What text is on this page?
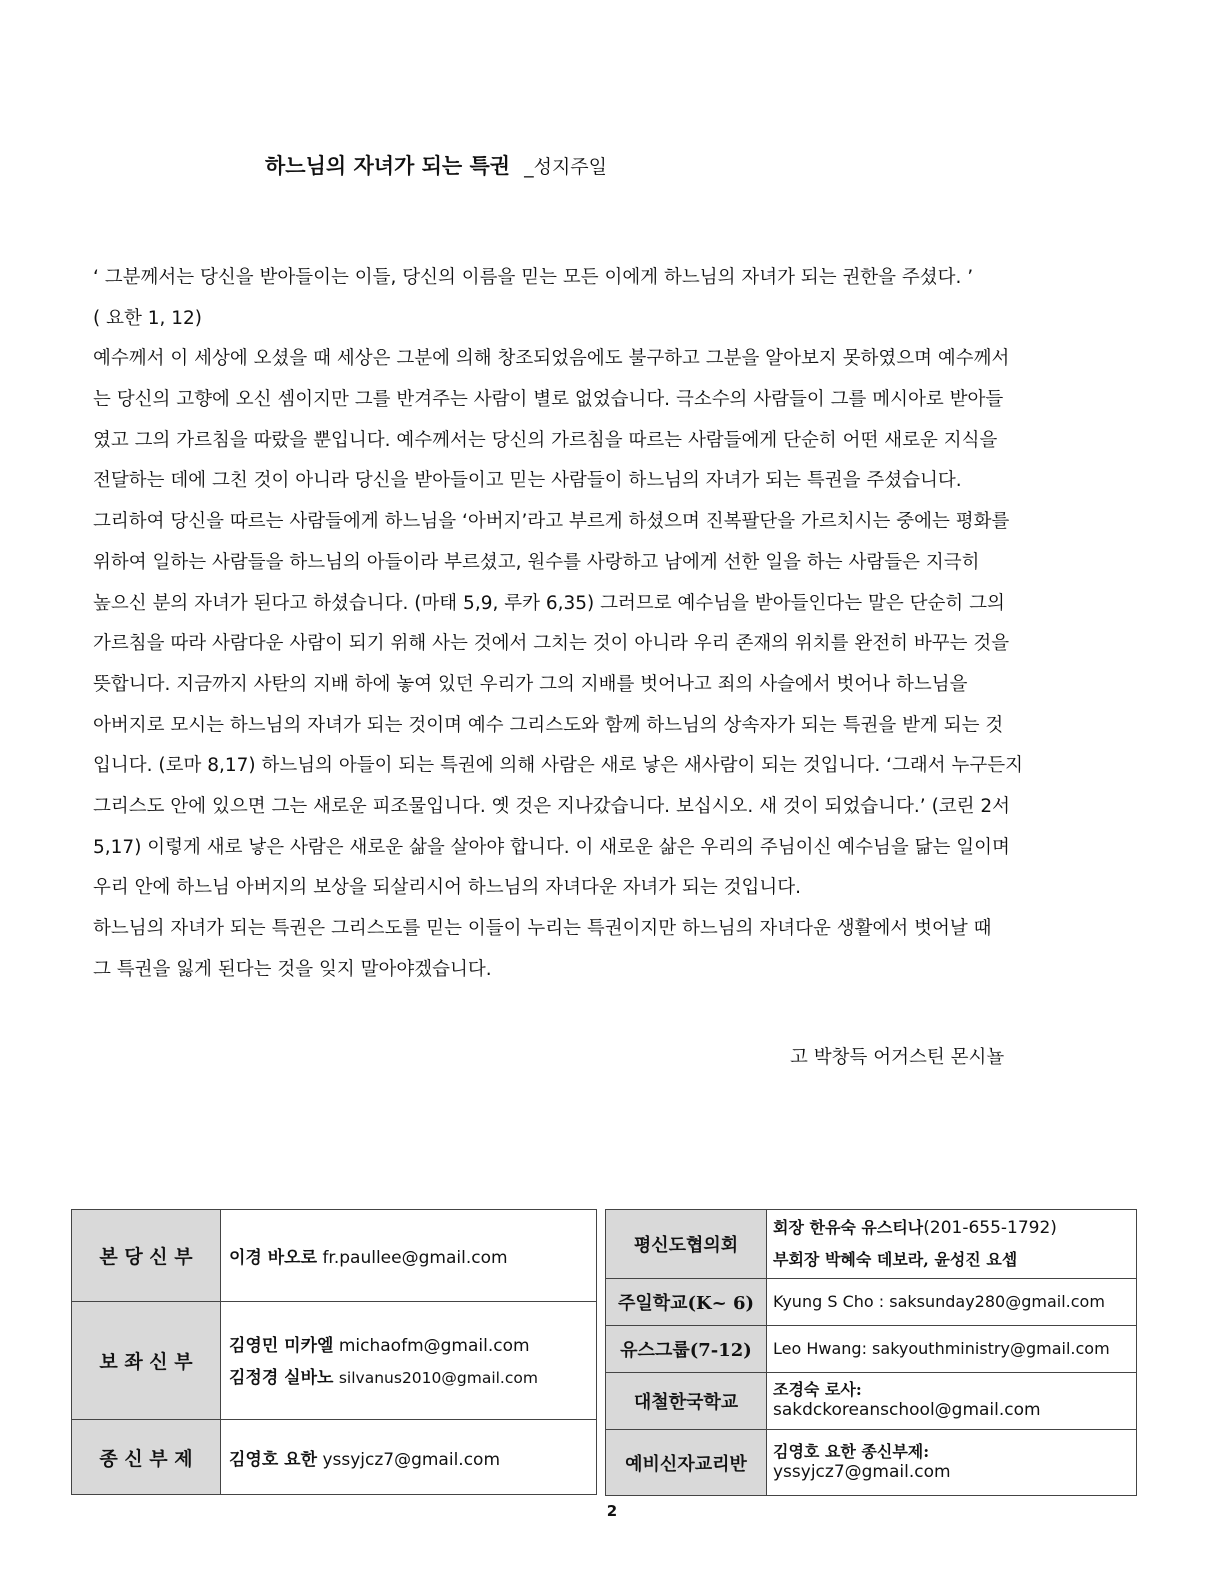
하느님의 자녀가 되는 특권 _성지주일
‘ 그분께서는 당신을 받아들이는 이들, 당신의 이름을 믿는 모든 이에게 하느님의 자녀가 되는 권한을 주셨다. ’
( 요한 1, 12)
예수께서 이 세상에 오셨을 때 세상은 그분에 의해 창조되었음에도 불구하고 그분을 알아보지 못하였으며 예수께서
는 당신의 고향에 오신 셈이지만 그를 반겨주는 사람이 별로 없었습니다. 극소수의 사람들이 그를 메시아로 받아들
였고 그의 가르침을 따랐을 뿐입니다. 예수께서는 당신의 가르침을 따르는 사람들에게 단순히 어떤 새로운 지식을
전달하는 데에 그친 것이 아니라 당신을 받아들이고 믿는 사람들이 하느님의 자녀가 되는 특권을 주셨습니다.
그리하여 당신을 따르는 사람들에게 하느님을 ‘아버지’라고 부르게 하셨으며 진복팔단을 가르치시는 중에는 평화를
위하여 일하는 사람들을 하느님의 아들이라 부르셨고, 원수를 사랑하고 남에게 선한 일을 하는 사람들은 지극히
높으신 분의 자녀가 된다고 하셨습니다. (마태 5,9, 루카 6,35) 그러므로 예수님을 받아들인다는 말은 단순히 그의
가르침을 따라 사람다운 사람이 되기 위해 사는 것에서 그치는 것이 아니라 우리 존재의 위치를 완전히 바꾸는 것을
뜻합니다. 지금까지 사탄의 지배 하에 놓여 있던 우리가 그의 지배를 벗어나고 죄의 사슬에서 벗어나 하느님을
아버지로 모시는 하느님의 자녀가 되는 것이며 예수 그리스도와 함께 하느님의 상속자가 되는 특권을 받게 되는 것
입니다. (로마 8,17) 하느님의 아들이 되는 특권에 의해 사람은 새로 낳은 새사람이 되는 것입니다. ‘그래서 누구든지
그리스도 안에 있으면 그는 새로운 피조물입니다. 옛 것은 지나갔습니다. 보십시오. 새 것이 되었습니다.’ (코린 2서
5,17) 이렇게 새로 낳은 사람은 새로운 삶을 살아야 합니다. 이 새로운 삶은 우리의 주님이신 예수님을 닮는 일이며
우리 안에 하느님 아버지의 보상을 되살리시어 하느님의 자녀다운 자녀가 되는 것입니다.
하느님의 자녀가 되는 특권은 그리스도를 믿는 이들이 누리는 특권이지만 하느님의 자녀다운 생활에서 벗어날 때
그 특권을 잃게 된다는 것을 잊지 말아야겠습니다.
고 박창득 어거스틴 몬시뇰
본 당 신 부	이경 바오로 fr.paullee@gmail.com
보 좌 신 부	김영민 미카엘 michaofm@gmail.com
김정경 실바노 silvanus2010@gmail.com

종 신 부 제	김영호 요한 yssyjcz7@gmail.com
평신도협의회	회장 한유숙 유스티나(201-655-1792)
부회장 박혜숙 데보라, 윤성진 요셉

주일학교(K~ 6)	Kyung S Cho : saksunday280@gmail.com
유스그룹(7-12)	Leo Hwang: sakyouthministry@gmail.com
대철한국학교	조경숙 로사:
sakdckoreanschool@gmail.com

예비신자교리반	김영호 요한 종신부제:
yssyjcz7@gmail.com
2
